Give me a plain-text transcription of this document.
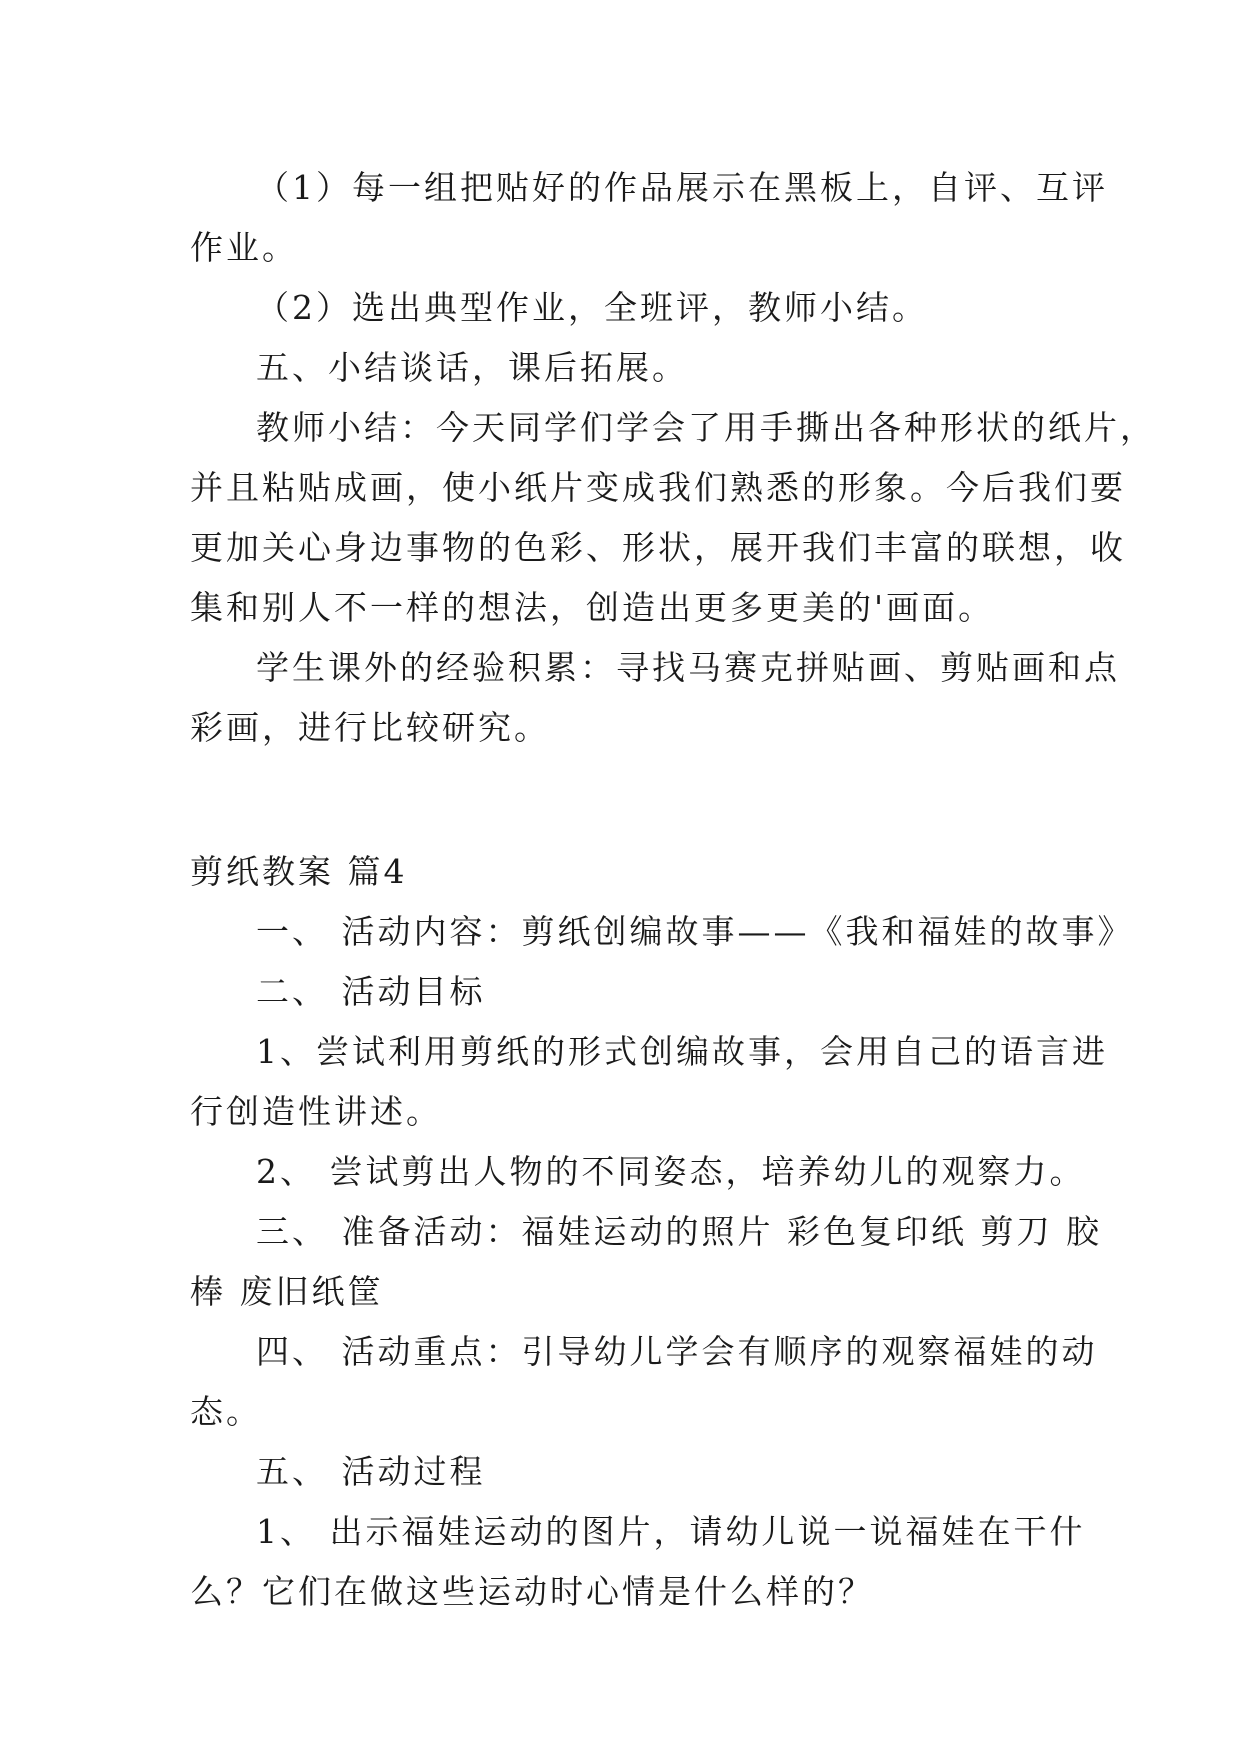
（1）每一组把贴好的作品展示在黑板上，自评、互评
作业。
（2）选出典型作业，全班评，教师小结。
五、小结谈话，课后拓展。
教师小结：今天同学们学会了用手撕出各种形状的纸片，
并且粘贴成画，使小纸片变成我们熟悉的形象。今后我们要
更加关心身边事物的色彩、形状，展开我们丰富的联想，收
集和别人不一样的想法，创造出更多更美的'画面。
学生课外的经验积累：寻找马赛克拼贴画、剪贴画和点
彩画，进行比较研究。
剪纸教案 篇4
一、 活动内容：剪纸创编故事——《我和福娃的故事》
二、 活动目标
1、尝试利用剪纸的形式创编故事，会用自己的语言进
行创造性讲述。
2、 尝试剪出人物的不同姿态，培养幼儿的观察力。
三、 准备活动：福娃运动的照片 彩色复印纸 剪刀 胶
棒 废旧纸筐
四、 活动重点：引导幼儿学会有顺序的观察福娃的动
态。
五、 活动过程
1、 出示福娃运动的图片，请幼儿说一说福娃在干什
么？它们在做这些运动时心情是什么样的？
